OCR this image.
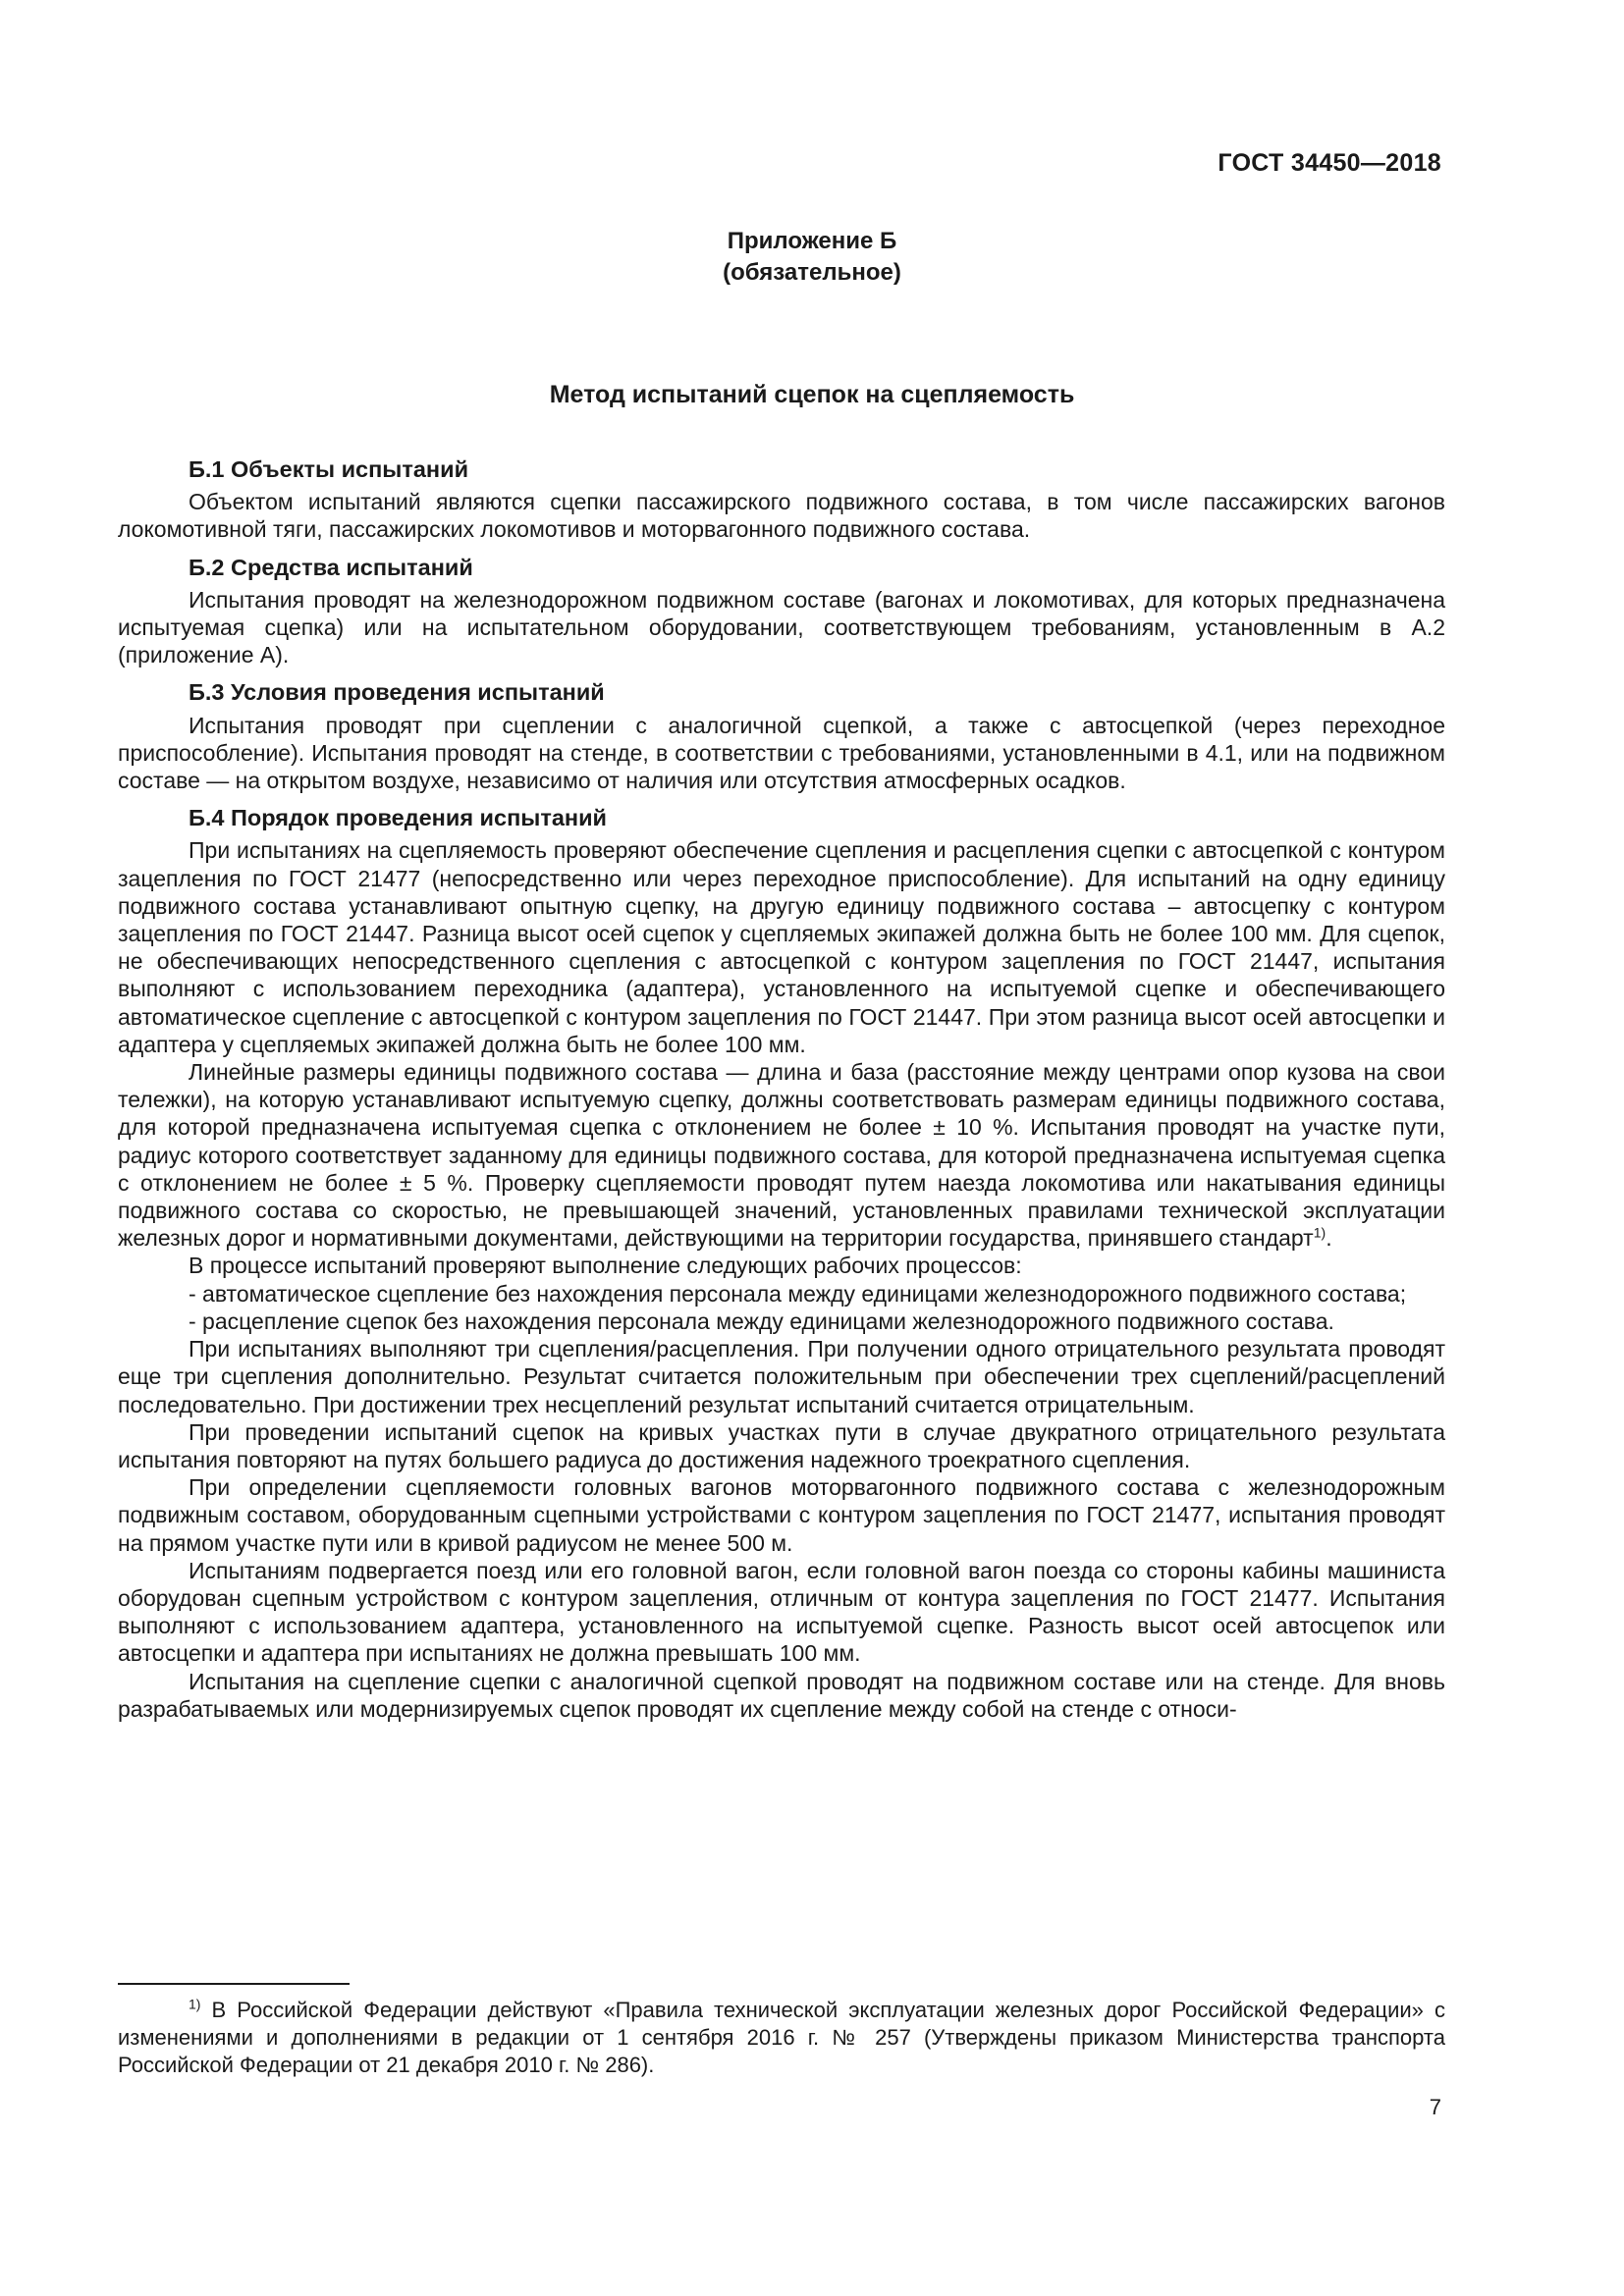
ГОСТ 34450—2018
Приложение Б
(обязательное)
Метод испытаний сцепок на сцепляемость
Б.1 Объекты испытаний

Объектом испытаний являются сцепки пассажирского подвижного состава, в том числе пассажирских вагонов локомотивной тяги, пассажирских локомотивов и моторвагонного подвижного состава.

Б.2 Средства испытаний

Испытания проводят на железнодорожном подвижном составе (вагонах и локомотивах, для которых предназначена испытуемая сцепка) или на испытательном оборудовании, соответствующем требованиям, установленным в А.2 (приложение А).

Б.3 Условия проведения испытаний

Испытания проводят при сцеплении с аналогичной сцепкой, а также с автосцепкой (через переходное приспособление). Испытания проводят на стенде, в соответствии с требованиями, установленными в 4.1, или на подвижном составе — на открытом воздухе, независимо от наличия или отсутствия атмосферных осадков.

Б.4 Порядок проведения испытаний

При испытаниях на сцепляемость проверяют обеспечение сцепления и расцепления сцепки с автосцепкой с контуром зацепления по ГОСТ 21477 (непосредственно или через переходное приспособление). Для испытаний на одну единицу подвижного состава устанавливают опытную сцепку, на другую единицу подвижного состава – автосцепку с контуром зацепления по ГОСТ 21447. Разница высот осей сцепок у сцепляемых экипажей должна быть не более 100 мм. Для сцепок, не обеспечивающих непосредственного сцепления с автосцепкой с контуром зацепления по ГОСТ 21447, испытания выполняют с использованием переходника (адаптера), установленного на испытуемой сцепке и обеспечивающего автоматическое сцепление с автосцепкой с контуром зацепления по ГОСТ 21447. При этом разница высот осей автосцепки и адаптера у сцепляемых экипажей должна быть не более 100 мм.

Линейные размеры единицы подвижного состава — длина и база (расстояние между центрами опор кузова на свои тележки), на которую устанавливают испытуемую сцепку, должны соответствовать размерам единицы подвижного состава, для которой предназначена испытуемая сцепка с отклонением не более ± 10 %. Испытания проводят на участке пути, радиус которого соответствует заданному для единицы подвижного состава, для которой предназначена испытуемая сцепка с отклонением не более ± 5 %. Проверку сцепляемости проводят путем наезда локомотива или накатывания единицы подвижного состава со скоростью, не превышающей значений, установленных правилами технической эксплуатации железных дорог и нормативными документами, действующими на территории государства, принявшего стандарт$^{1)}$.

В процессе испытаний проверяют выполнение следующих рабочих процессов:

- автоматическое сцепление без нахождения персонала между единицами железнодорожного подвижного состава;

- расцепление сцепок без нахождения персонала между единицами железнодорожного подвижного состава.

При испытаниях выполняют три сцепления/расцепления. При получении одного отрицательного результата проводят еще три сцепления дополнительно. Результат считается положительным при обеспечении трех сцеплений/расцеплений последовательно. При достижении трех несцеплений результат испытаний считается отрицательным.

При проведении испытаний сцепок на кривых участках пути в случае двукратного отрицательного результата испытания повторяют на путях большего радиуса до достижения надежного троекратного сцепления.

При определении сцепляемости головных вагонов моторвагонного подвижного состава с железнодорожным подвижным составом, оборудованным сцепными устройствами с контуром зацепления по ГОСТ 21477, испытания проводят на прямом участке пути или в кривой радиусом не менее 500 м.

Испытаниям подвергается поезд или его головной вагон, если головной вагон поезда со стороны кабины машиниста оборудован сцепным устройством с контуром зацепления, отличным от контура зацепления по ГОСТ 21477. Испытания выполняют с использованием адаптера, установленного на испытуемой сцепке. Разность высот осей автосцепок или автосцепки и адаптера при испытаниях не должна превышать 100 мм.

Испытания на сцепление сцепки с аналогичной сцепкой проводят на подвижном составе или на стенде. Для вновь разрабатываемых или модернизируемых сцепок проводят их сцепление между собой на стенде с относи-

$^{1)}$ В Российской Федерации действуют «Правила технической эксплуатации железных дорог Российской Федерации» с изменениями и дополнениями в редакции от 1 сентября 2016 г. № 257 (Утверждены приказом Министерства транспорта Российской Федерации от 21 декабря 2010 г. № 286).
7
